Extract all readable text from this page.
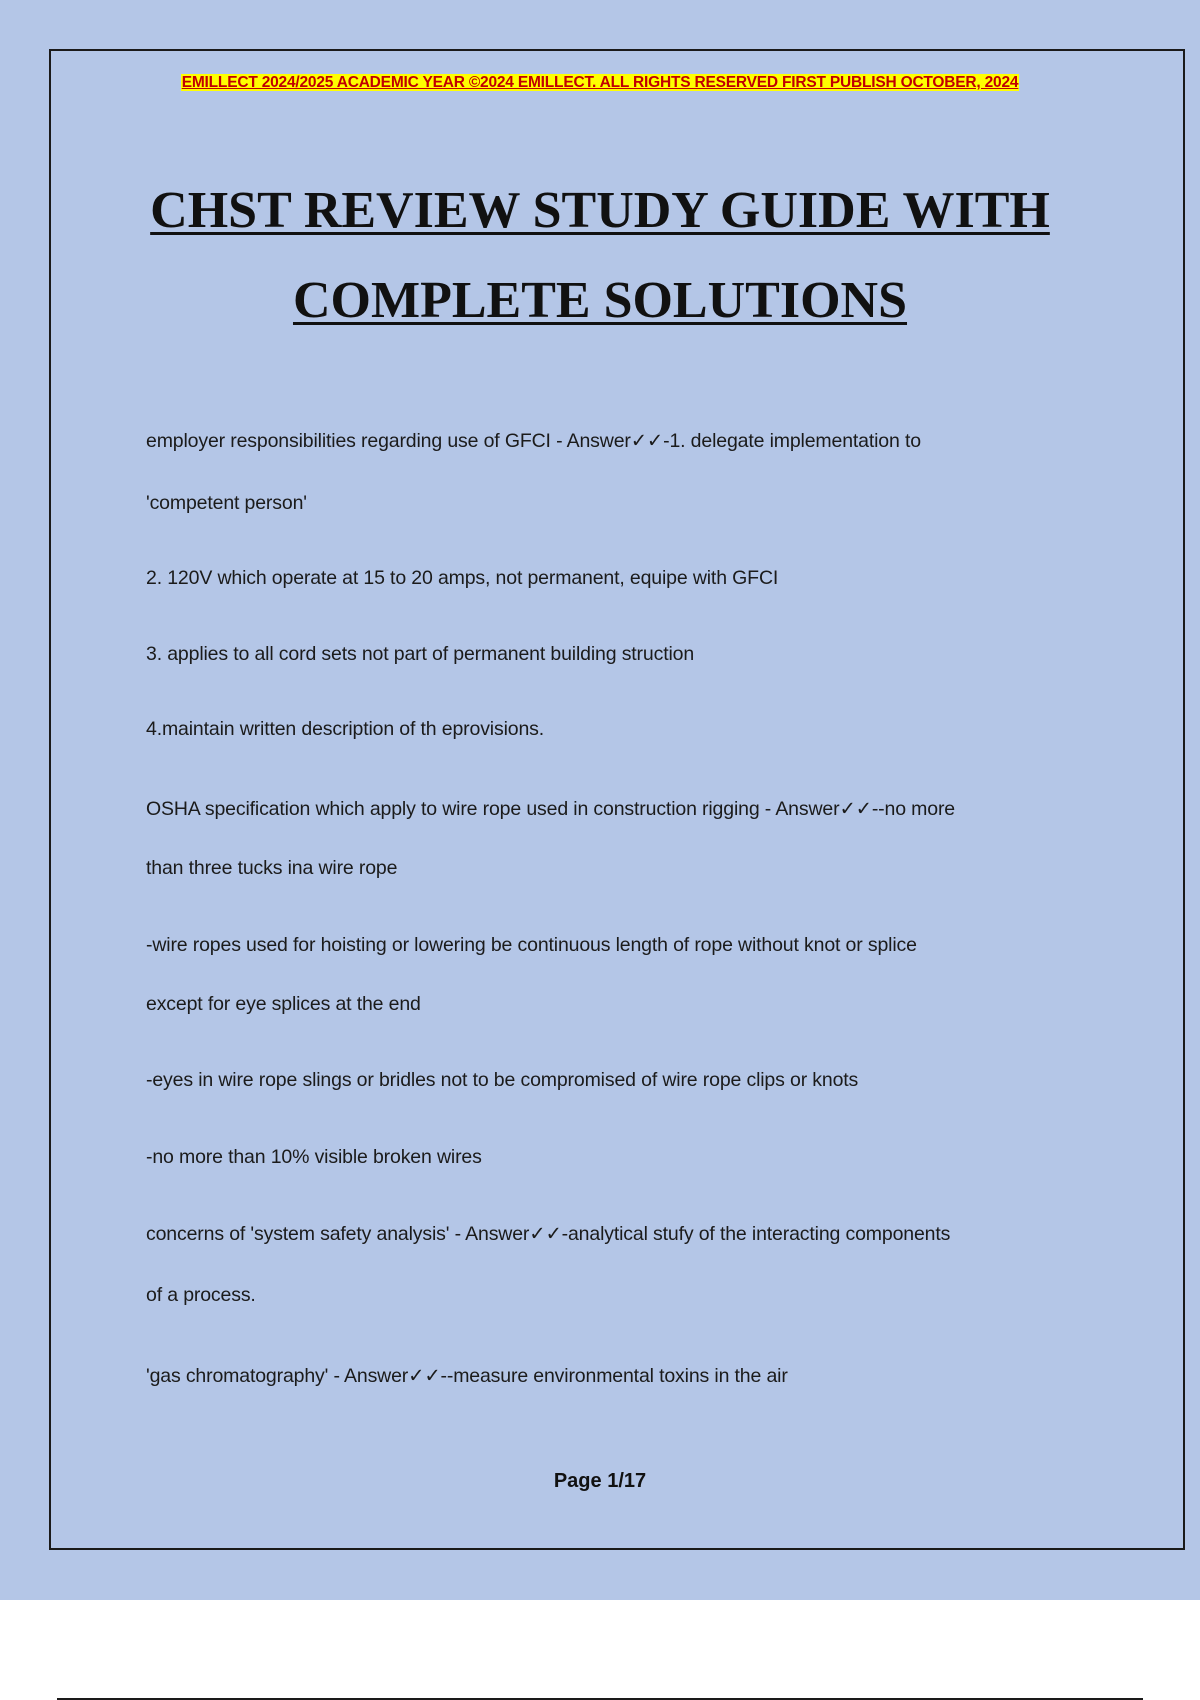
EMILLECT 2024/2025 ACADEMIC YEAR ©2024 EMILLECT. ALL RIGHTS RESERVED FIRST PUBLISH OCTOBER, 2024
CHST REVIEW STUDY GUIDE WITH
COMPLETE SOLUTIONS
employer responsibilities regarding use of GFCI - Answer✓✓-1. delegate implementation to
'competent person'
2. 120V which operate at 15 to 20 amps, not permanent, equipe with GFCI
3. applies to all cord sets not part of permanent building struction
4.maintain written description of th eprovisions.
OSHA specification which apply to wire rope used in construction rigging - Answer✓✓--no more
than three tucks ina wire rope
-wire ropes used for hoisting or lowering be continuous length of rope without knot or splice
except for eye splices at the end
-eyes in wire rope slings or bridles not to be compromised of wire rope clips or knots
-no more than 10% visible broken wires
concerns of 'system safety analysis' - Answer✓✓-analytical stufy of the interacting components
of a process.
'gas chromatography' - Answer✓✓--measure environmental toxins in the air
Page 1/17
